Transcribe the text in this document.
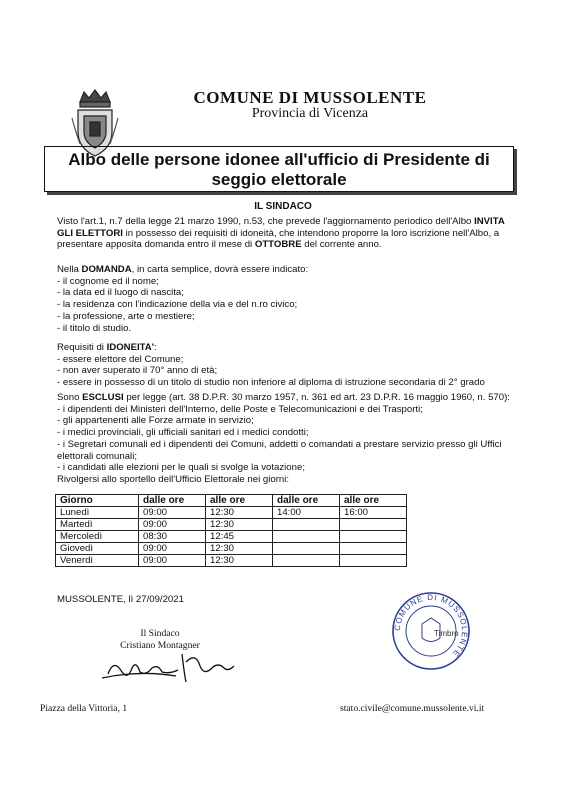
COMUNE DI MUSSOLENTE
Provincia di Vicenza
Albo delle persone idonee all'ufficio di Presidente di
seggio elettorale
IL SINDACO
Visto l'art.1, n.7 della legge 21 marzo 1990, n.53, che prevede l'aggiornamento periodico dell'Albo INVITA GLI ELETTORI in possesso dei requisiti di idoneità, che intendono proporre la loro iscrizione nell'Albo, a presentare apposita domanda entro il mese di OTTOBRE del corrente anno.
Nella DOMANDA, in carta semplice, dovrà essere indicato:
- il cognome ed il nome;
- la data ed il luogo di nascita;
- la residenza con l'indicazione della via e del n.ro civico;
- la professione, arte o mestiere;
- il titolo di studio.
Requisiti di IDONEITA':
- essere elettore del Comune;
- non aver superato il 70° anno di età;
- essere in possesso di un titolo di studio non inferiore al diploma di istruzione secondaria di 2° grado
Sono ESCLUSI per legge (art. 38 D.P.R. 30 marzo 1957, n. 361 ed art. 23 D.P.R. 16 maggio 1960, n. 570):
- i dipendenti dei Ministeri dell'Interno, delle Poste e Telecomunicazioni e dei Trasporti;
- gli appartenenti alle Forze armate in servizio;
- i medici provinciali, gli ufficiali sanitari ed i medici condotti;
- i Segretari comunali ed i dipendenti dei Comuni, addetti o comandati a prestare servizio presso gli Uffici
elettorali comunali;
- i candidati alle elezioni per le quali si svolge la votazione;
Rivolgersi allo sportello dell'Ufficio Elettorale nei giorni:
Giorno	dalle ore	alle ore	dalle ore	alle ore
Lunedì	09:00	12:30	14:00	16:00
Martedì	09:00	12:30		
Mercoledì	08:30	12:45		
Giovedì	09:00	12:30		
Venerdì	09:00	12:30		
MUSSOLENTE, lì 27/09/2021
COMUNE DI MUSSOLENTE
Timbro
Il Sindaco
Cristiano Montagner
Piazza della Vittoria, 1	stato.civile@comune.mussolente.vi.it
